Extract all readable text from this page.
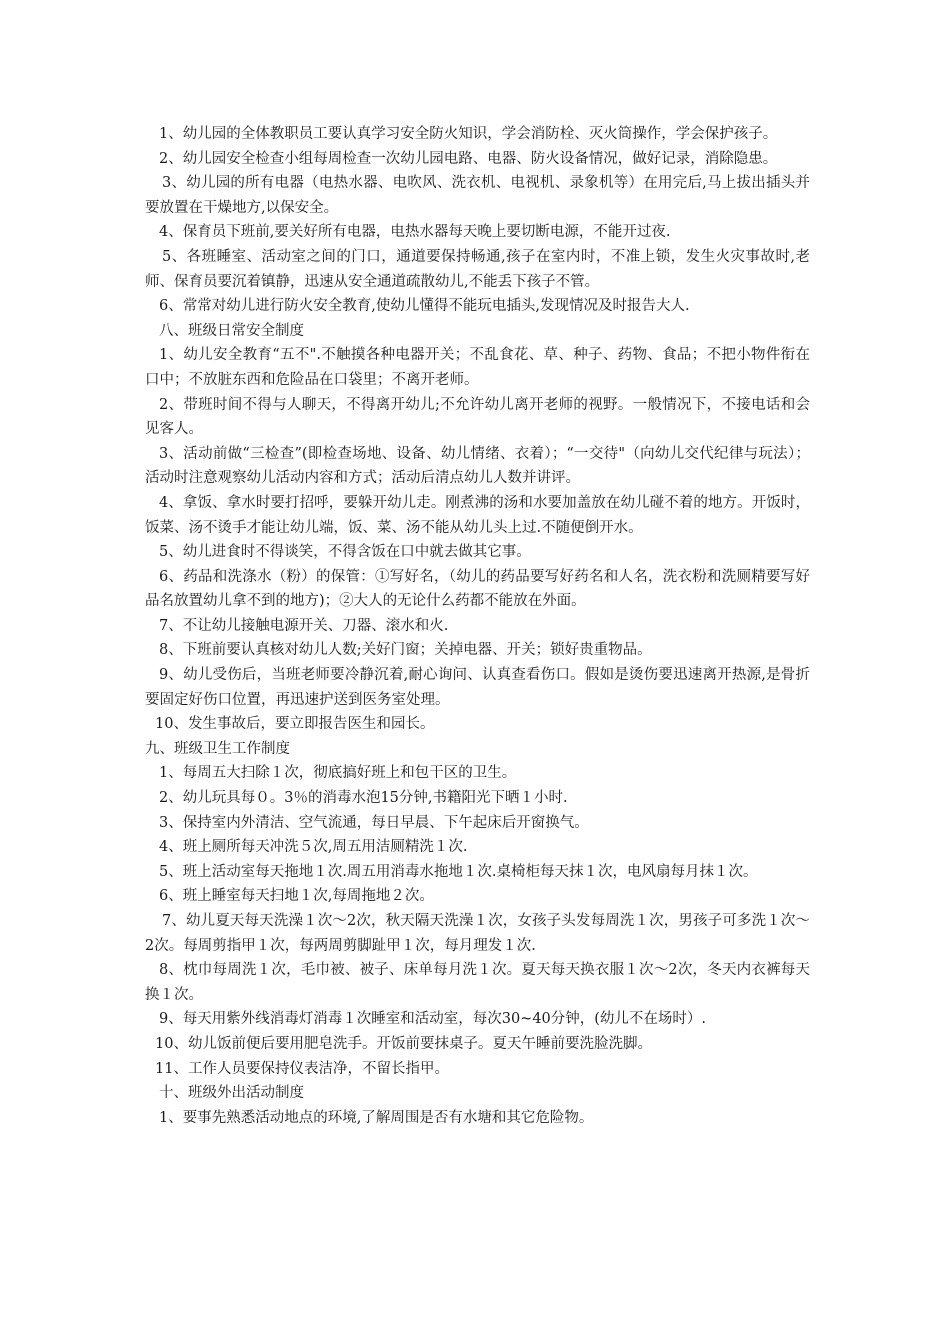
1、幼儿园的全体教职员工要认真学习安全防火知识，学会消防栓、灭火筒操作，学会保护孩子。

2、幼儿园安全检查小组每周检查一次幼儿园电路、电器、防火设备情况，做好记录，消除隐患。

3、幼儿园的所有电器（电热水器、电吹风、洗衣机、电视机、录象机等）在用完后,马上拔出插头并要放置在干燥地方,以保安全。

4、保育员下班前,要关好所有电器，电热水器每天晚上要切断电源，不能开过夜.

5、各班睡室、活动室之间的门口，通道要保持畅通,孩子在室内时，不准上锁，发生火灾事故时,老师、保育员要沉着镇静，迅速从安全通道疏散幼儿,不能丢下孩子不管。

6、常常对幼儿进行防火安全教育,使幼儿懂得不能玩电插头,发现情况及时报告大人.

八、班级日常安全制度

1、幼儿安全教育“五不".不触摸各种电器开关；不乱食花、草、种子、药物、食品；不把小物件衔在口中；不放脏东西和危险品在口袋里；不离开老师。

2、带班时间不得与人聊天，不得离开幼儿;不允许幼儿离开老师的视野。一般情况下，不接电话和会见客人。

3、活动前做“三检查”(即检查场地、设备、幼儿情绪、衣着）；“一交待"（向幼儿交代纪律与玩法）；活动时注意观察幼儿活动内容和方式；活动后清点幼儿人数并讲评。

4、拿饭、拿水时要打招呼，要躲开幼儿走。刚煮沸的汤和水要加盖放在幼儿碰不着的地方。开饭时，饭菜、汤不烫手才能让幼儿端，饭、菜、汤不能从幼儿头上过.不随便倒开水。

5、幼儿进食时不得谈笑，不得含饭在口中就去做其它事。

6、药品和洗涤水（粉）的保管：①写好名，（幼儿的药品要写好药名和人名，洗衣粉和洗厕精要写好品名放置幼儿拿不到的地方)；②大人的无论什么药都不能放在外面。

7、不让幼儿接触电源开关、刀器、滚水和火.

8、下班前要认真核对幼儿人数;关好门窗；关掉电器、开关；锁好贵重物品。

9、幼儿受伤后，当班老师要冷静沉着,耐心询问、认真查看伤口。假如是烫伤要迅速离开热源,是骨折要固定好伤口位置，再迅速护送到医务室处理。

10、发生事故后，要立即报告医生和园长。

九、班级卫生工作制度

1、每周五大扫除１次，彻底搞好班上和包干区的卫生。

2、幼儿玩具每０。3％的消毒水泡15分钟,书籍阳光下晒１小时.

3、保持室内外清洁、空气流通，每日早晨、下午起床后开窗换气。

4、班上厕所每天冲洗５次,周五用洁厕精洗１次.

5、班上活动室每天拖地１次.周五用消毒水拖地１次.桌椅柜每天抹１次，电风扇每月抹１次。

6、班上睡室每天扫地１次,每周拖地２次。

7、幼儿夏天每天洗澡１次～2次，秋天隔天洗澡１次，女孩子头发每周洗１次，男孩子可多洗１次～2次。每周剪指甲１次，每两周剪脚趾甲１次，每月理发１次.

8、枕巾每周洗１次，毛巾被、被子、床单每月洗１次。夏天每天换衣服１次～2次，冬天内衣裤每天换１次。

9、每天用紫外线消毒灯消毒１次睡室和活动室，每次30~40分钟，(幼儿不在场时）.

10、幼儿饭前便后要用肥皂洗手。开饭前要抹桌子。夏天午睡前要洗脸洗脚。

11、工作人员要保持仪表洁净，不留长指甲。

十、班级外出活动制度

1、要事先熟悉活动地点的环境,了解周围是否有水塘和其它危险物。
